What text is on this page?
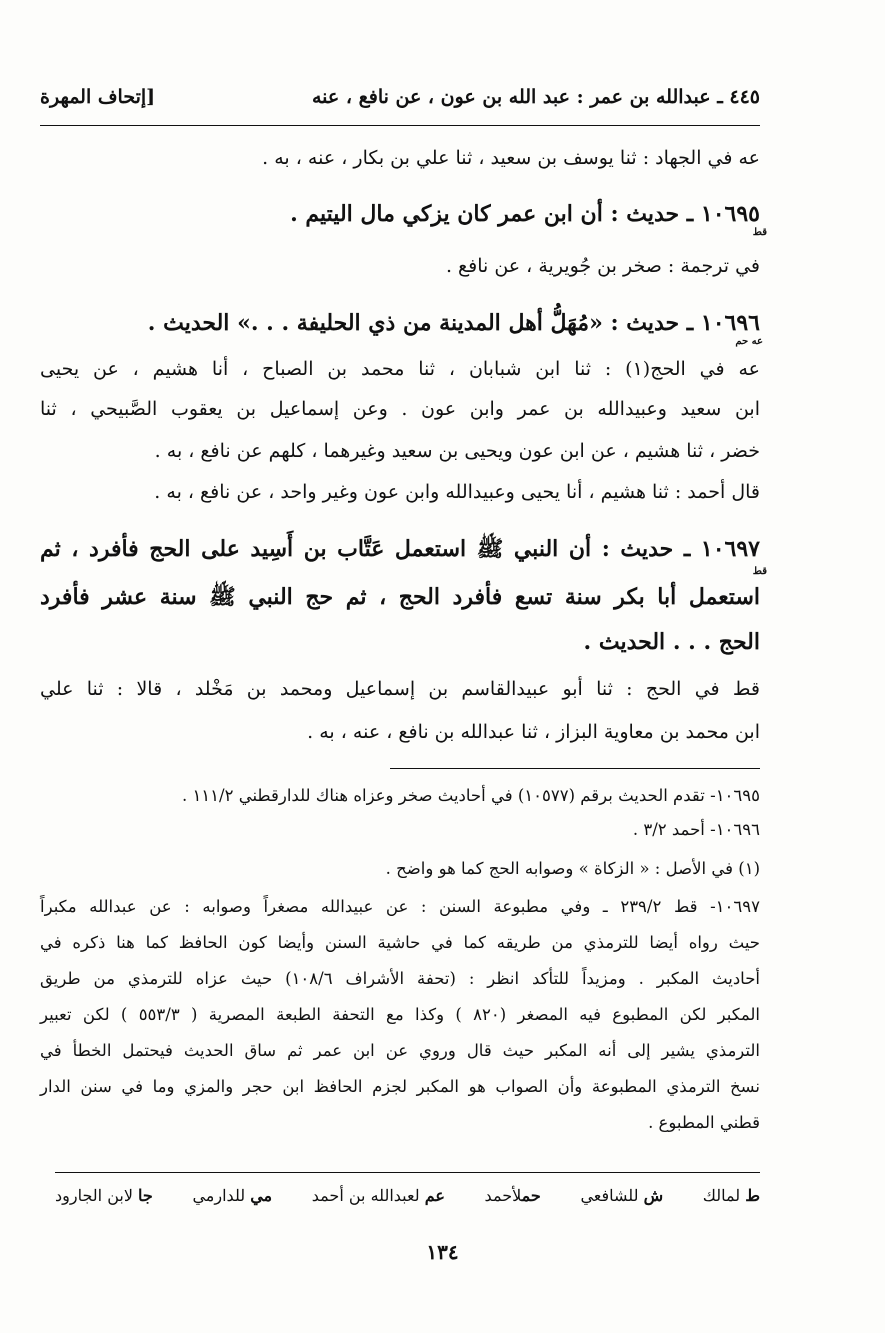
٤٤٥ ـ عبدالله بن عمر : عبد الله بن عون ، عن نافع ، عنه
[إتحاف المهرة
عه في الجهاد : ثنا يوسف بن سعيد ، ثنا علي بن بكار ، عنه ، به .
قط
١٠٦٩٥ ـ حديث : أن ابن عمر كان يزكي مال اليتيم .
في ترجمة : صخر بن جُويرية ، عن نافع .
١٠٦٩٦ ـ حديث : «مُهَلُّ أهل المدينة من ذي الحليفة . . .» الحديث .
عه حم
عه في الحج(١) : ثنا ابن شبابان ، ثنا محمد بن الصباح ، أنا هشيم ، عن يحيى
ابن سعيد وعبيدالله بن عمر وابن عون . وعن إسماعيل بن يعقوب الصَّبيحي ، ثنا
خضر ، ثنا هشيم ، عن ابن عون ويحيى بن سعيد وغيرهما ، كلهم عن نافع ، به .
قال أحمد : ثنا هشيم ، أنا يحيى وعبيدالله وابن عون وغير واحد ، عن نافع ، به .
١٠٦٩٧ ـ حديث : أن النبي ﷺ استعمل عَتَّاب بن أَسِيد على الحج فأفرد ، ثم
قط
استعمل أبا بكر سنة تسع فأفرد الحج ، ثم حج النبي ﷺ سنة عشر فأفرد
الحج . . . الحديث .
قط في الحج : ثنا أبو عبيدالقاسم بن إسماعيل ومحمد بن مَخْلد ، قالا : ثنا علي
ابن محمد بن معاوية البزاز ، ثنا عبدالله بن نافع ، عنه ، به .
١٠٦٩٥- تقدم الحديث برقم (١٠٥٧٧) في أحاديث صخر وعزاه هناك للدارقطني ١١١/٢ .
١٠٦٩٦- أحمد ٣/٢ .
(١) في الأصل : « الزكاة » وصوابه الحج كما هو واضح .
١٠٦٩٧- قط ٢٣٩/٢ ـ وفي مطبوعة السنن : عن عبيدالله مصغراً وصوابه : عن عبدالله مكبراً
حيث رواه أيضا للترمذي من طريقه كما في حاشية السنن وأيضا كون الحافظ كما هنا ذكره في
أحاديث المكبر . ومزيداً للتأكد انظر : (تحفة الأشراف ١٠٨/٦) حيث عزاه للترمذي من طريق
المكبر لكن المطبوع فيه المصغر (٨٢٠ ) وكذا مع التحفة الطبعة المصرية ( ٥٥٣/٣ ) لكن تعبير
الترمذي يشير إلى أنه المكبر حيث قال وروي عن ابن عمر ثم ساق الحديث فيحتمل الخطأ في
نسخ الترمذي المطبوعة وأن الصواب هو المكبر لجزم الحافظ ابن حجر والمزي وما في سنن الدار
قطني المطبوع .
ط لمالك
ش للشافعي
حملأحمد
عم لعبدالله بن أحمد
مي للدارمي
جا لابن الجارود
١٣٤
